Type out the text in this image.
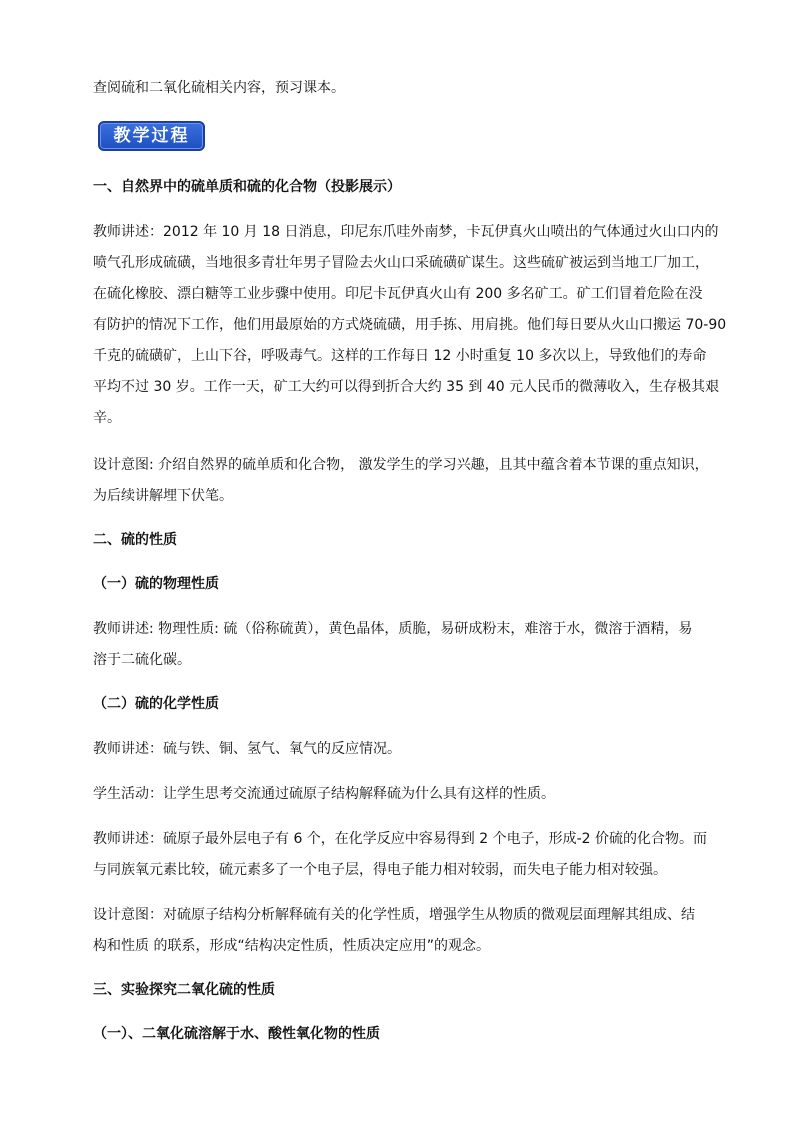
查阅硫和二氧化硫相关内容，预习课本。

教学过程

一、自然界中的硫单质和硫的化合物（投影展示）

教师讲述：2012 年 10 月 18 日消息，印尼东爪哇外南梦，卡瓦伊真火山喷出的气体通过火山口内的

喷气孔形成硫磺，当地很多青壮年男子冒险去火山口采硫磺矿谋生。这些硫矿被运到当地工厂加工，

在硫化橡胶、漂白糖等工业步骤中使用。印尼卡瓦伊真火山有 200 多名矿工。矿工们冒着危险在没

有防护的情况下工作，他们用最原始的方式烧硫磺，用手拣、用肩挑。他们每日要从火山口搬运 70-90

千克的硫磺矿，上山下谷，呼吸毒气。这样的工作每日 12 小时重复 10 多次以上，导致他们的寿命

平均不过 30 岁。工作一天，矿工大约可以得到折合大约 35 到 40 元人民币的微薄收入，生存极其艰

辛。

设计意图: 介绍自然界的硫单质和化合物， 激发学生的学习兴趣，且其中蕴含着本节课的重点知识，

为后续讲解埋下伏笔。

二、硫的性质

（一）硫的物理性质

教师讲述: 物理性质: 硫（俗称硫黄），黄色晶体，质脆，易研成粉末，难溶于水，微溶于酒精，易

溶于二硫化碳。

（二）硫的化学性质

教师讲述：硫与铁、铜、氢气、氧气的反应情况。

学生活动：让学生思考交流通过硫原子结构解释硫为什么具有这样的性质。

教师讲述：硫原子最外层电子有 6 个，在化学反应中容易得到 2 个电子，形成-2 价硫的化合物。而

与同族氧元素比较，硫元素多了一个电子层，得电子能力相对较弱，而失电子能力相对较强。

设计意图：对硫原子结构分析解释硫有关的化学性质，增强学生从物质的微观层面理解其组成、结

构和性质 的联系，形成“结构决定性质，性质决定应用”的观念。

三、实验探究二氧化硫的性质

（一）、二氧化硫溶解于水、酸性氧化物的性质
